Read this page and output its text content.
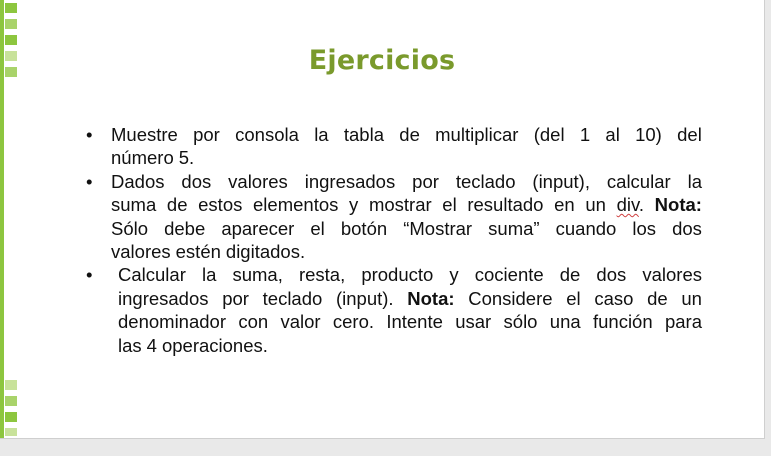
Ejercicios
• Muestre por consola la tabla de multiplicar (del 1 al 10) del
número 5.
• Dados dos valores ingresados por teclado (input), calcular la
suma de estos elementos y mostrar el resultado en un div. Nota:
Sólo debe aparecer el botón “Mostrar suma” cuando los dos
valores estén digitados.
• Calcular la suma, resta, producto y cociente de dos valores
ingresados por teclado (input). Nota: Considere el caso de un
denominador con valor cero. Intente usar sólo una función para
las 4 operaciones.
